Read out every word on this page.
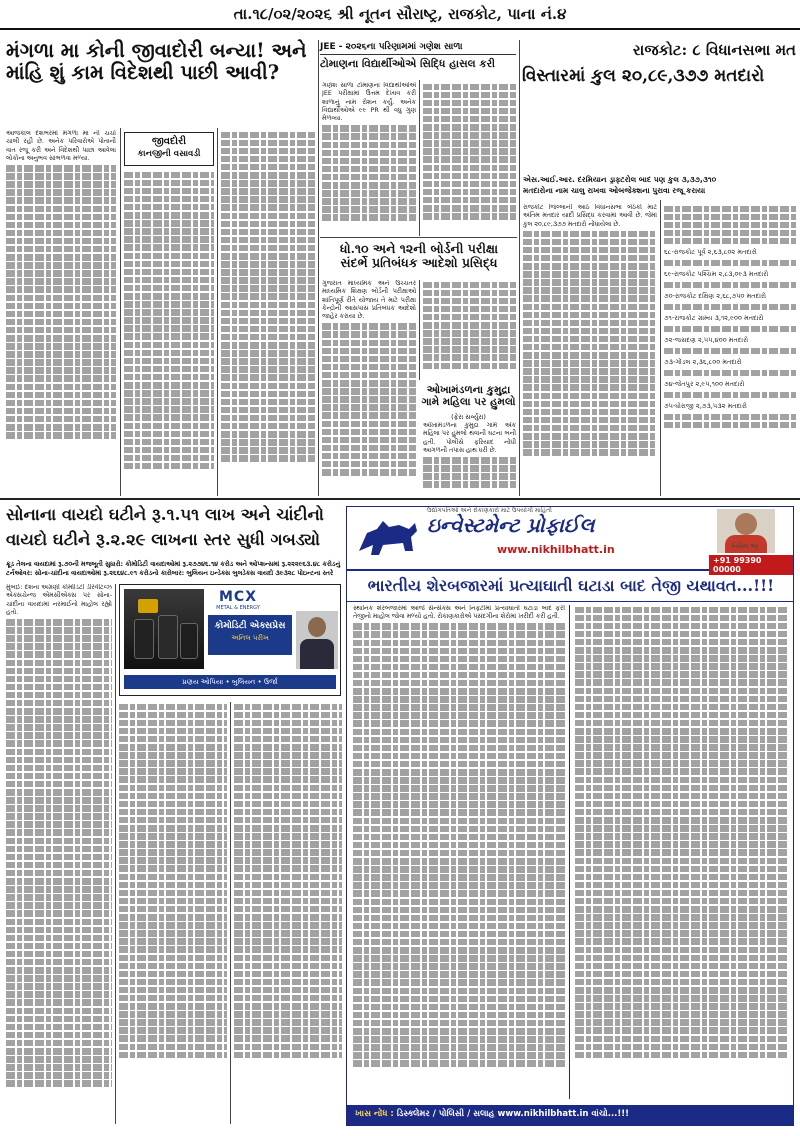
તા.૧૮/૦૨/૨૦૨૬ શ્રી નૂતન સૌરાષ્ટ્ર, રાજકોટ, પાના નં.૪
મંગળા મા કોની જીવાદોરી બન્યા! અને
માંહિ શું કામ વિદેશથી પાછી આવી?
JEE - ૨૦૨૬ના પરિણામમાં ગણેશ સાળા
ટોમાણના વિદ્યાર્થીઓએ સિદ્ધિ હાસલ કરી
રાજકોટ: ૮ વિધાનસભા મત
વિસ્તારમાં કુલ ૨૦,૮૯,૩૭૭ મતદારો

આજકાલ દેશભરમાં મંગળા મા ની ચર્ચા ચાલી રહી છે. અનેક પરિવારોએ પોતાની વાત રજૂ કરી અને વિદેશથી પાછા આવેલા લોકોના અનુભવ સાંભળવા મળ્યા.

જીવદોરી
કાનજીની વસાવડી

ગણેશ સાળા ટોમાણના વિદ્યાર્થીઓએ JEE પરીક્ષામાં ઉત્તમ દેખાવ કરી શાળાનું નામ રોશન કર્યું. અનેક વિદ્યાર્થીઓએ ૯૯ PR થી વધુ ગુણ મેળવ્યા.

ધો.૧૦ અને ૧૨ની બોર્ડની પરીક્ષા
સંદર્ભે પ્રતિબંધક આદેશો પ્રસિદ્ધ

ગુજરાત માધ્યમિક અને ઉચ્ચતર માધ્યમિક શિક્ષણ બોર્ડની પરીક્ષાઓ શાંતિપૂર્ણ રીતે યોજાય તે માટે પરીક્ષા કેન્દ્રોની આસપાસ પ્રતિબંધક આદેશો જાહેર કરાયા છે.

ઓખામંડળના કુમુદ્રા
ગામે મહિલા પર હુમલો
(ફેરા સર્વ્યુરા)

ઓખામંડળના કુમુદ્રા ગામે એક મહિલા પર હુમલો થવાની ઘટના બની હતી. પોલીસે ફરિયાદ નોંધી આગળની તપાસ હાથ ધરી છે.

એસ.આઈ.આર. દરમિયાન ડ્રાફ્ટરોલ બાદ પણ કુલ ૩,૩૭,૩૧૦
મતદારોના નામ ચાલુ રાખવા ઓબજેક્શના પુરાવા રજૂ કરાયા

રાજકોટ જિલ્લાની આઠ વિધાનસભા બેઠકો માટે અંતિમ મતદાર યાદી પ્રસિદ્ધ કરવામાં આવી છે. જેમાં કુલ ૨૦,૮૯,૩૭૭ મતદારો નોંધાયેલા છે.

૬૮-રાજકોટ પૂર્વ ૨,૬૩,૮૦૨ મતદારો

૬૯-રાજકોટ પશ્ચિમ ૨,૮૩,૦૯૩ મતદારો

૭૦-રાજકોટ દક્ષિણ ૨,૬૮,૭૫૦ મતદારો

૭૧-રાજકોટ ગ્રામ્ય ૩,૧૨,૯૦૦ મતદારો

૭૨-જસદણ ૨,૫૫,૪૦૦ મતદારો

૭૩-ગોંડલ ૨,૩૬,૮૦૦ મતદારો

૭૪-જેતપુર ૨,૯૫,૧૦૦ મતદારો

૭૫-ધોરાજી ૨,૭૩,૫૩૨ મતદારો

સોનાના વાયદો ઘટીને રૂ.૧.૫૧ લાખ અને ચાંદીનો
વાયદો ઘટીને રૂ.૨.૨૯ લાખના સ્તર સુધી ગબડ્યો
ક્રૂડ તેલના વાયદામાં રૂ.૭૦ની મજબૂતી સુધારો: કોમોડિટી વાયદાઓમાં રૂ.૨૭૭૪૬.૧૪ કરોડ અને ઓપ્શન્સમાં રૂ.૨૨૨૯૬૩.૪૮ કરોડનું
ટર્નઓવર: સોના-ચાંદીના વાયદાઓમાં રૂ.૨૬૬૪૮.૯૧ કરોડનો કારોબાર: બુલિયન ઇન્ડેક્સ બુલડેક્સ વાયદો ૩૯૩૨૮ પોઇન્ટના સ્તરે

મુંબઈ: દેશના અગ્રણી કોમોડિટી ડેરિવેટિવ્ઝ એક્સચેન્જ એમસીએક્સ પર સોના-ચાંદીના વાયદામાં નરમાઈનો માહોલ રહ્યો હતો.

MCX
METAL & ENERGY
કોમોડિટી એક્સપ્રેસ
અનિલ પરીખ
પ્રણય ઓપિયા • બુલિયન • ઉર્જા
ઇન્વેસ્ટમેન્ટ પ્રોફાઈલ
ઉદ્યોગપતિઓ અને રોકાણકારો માટે ઉપયોગી માહિતી
www.nikhilbhatt.in	નિખિલ ભટ્ટ
+91 99390 00000
ભારતીય શેરબજારમાં પ્રત્યાઘાતી ઘટાડા બાદ તેજી યથાવત...!!!

સ્થાનિક શેરબજારમાં આજે સેન્સેક્સ અને નિફ્ટીમાં પ્રત્યાઘાતી ઘટાડા બાદ ફરી તેજીનો માહોલ જોવા મળ્યો હતો. રોકાણકારોએ પસંદગીના શેરોમાં ખરીદી કરી હતી.

ખાસ નોંધ : ડિસ્ક્લેમર / પોલિસી / સલાહ www.nikhilbhatt.in વાંચો...!!!
